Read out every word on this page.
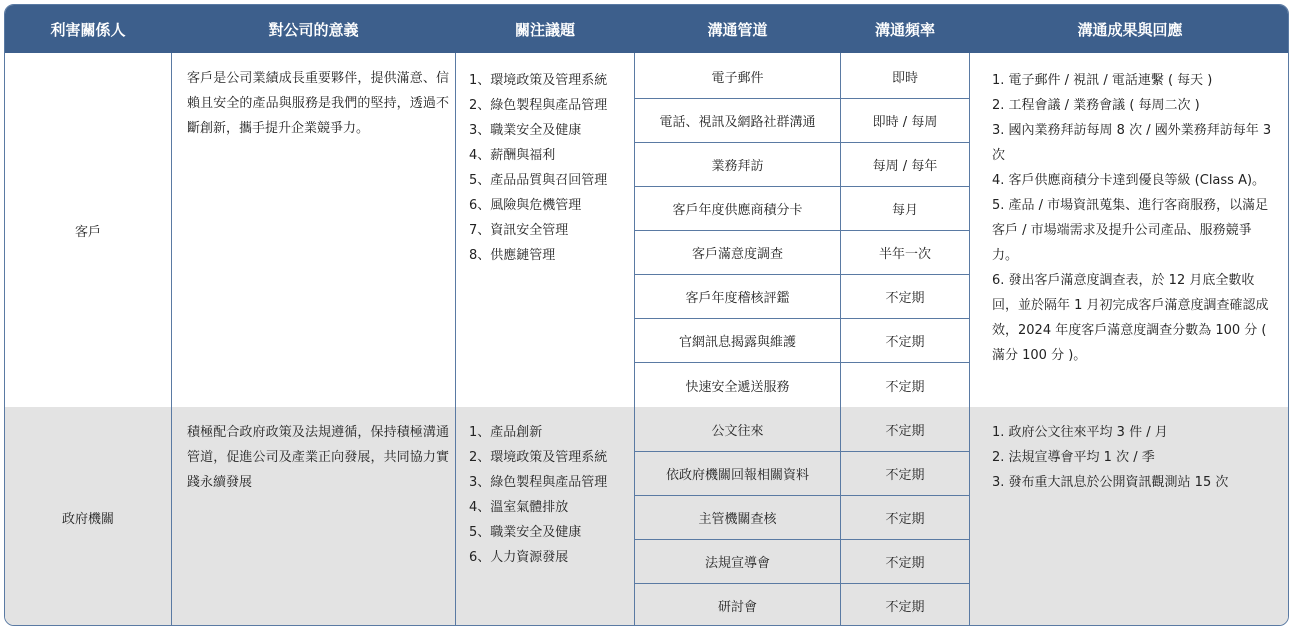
利害關係人	對公司的意義	關注議題	溝通管道	溝通頻率	溝通成果與回應
客戶
客戶是公司業績成長重要夥伴，提供滿意、信賴且安全的產品與服務是我們的堅持，透過不斷創新，攜手提升企業競爭力。
1、環境政策及管理系統
2、綠色製程與產品管理
3、職業安全及健康
4、薪酬與福利
5、產品品質與召回管理
6、風險與危機管理
7、資訊安全管理
8、供應鏈管理
電子郵件	即時
電話、視訊及網路社群溝通	即時 / 每周
業務拜訪	每周 / 每年
客戶年度供應商積分卡	每月
客戶滿意度調查	半年一次
客戶年度稽核評鑑	不定期
官網訊息揭露與維護	不定期
快速安全遞送服務	不定期
1. 電子郵件 / 視訊 / 電話連繫 ( 每天 )
2. 工程會議 / 業務會議 ( 每周二次 )
3. 國內業務拜訪每周 8 次 / 國外業務拜訪每年 3 次
4. 客戶供應商積分卡達到優良等級 (Class A)。
5. 產品 / 市場資訊蒐集、進行客商服務，以滿足客戶 / 市場端需求及提升公司產品、服務競爭力。
6. 發出客戶滿意度調查表，於 12 月底全數收回，並於隔年 1 月初完成客戶滿意度調查確認成效，2024 年度客戶滿意度調查分數為 100 分 ( 滿分 100 分 )。
政府機關
積極配合政府政策及法規遵循，保持積極溝通管道，促進公司及產業正向發展，共同協力實踐永續發展
1、產品創新
2、環境政策及管理系統
3、綠色製程與產品管理
4、溫室氣體排放
5、職業安全及健康
6、人力資源發展
公文往來	不定期
依政府機關回報相關資料	不定期
主管機關查核	不定期
法規宣導會	不定期
研討會	不定期
1. 政府公文往來平均 3 件 / 月
2. 法規宣導會平均 1 次 / 季
3. 發布重大訊息於公開資訊觀測站 15 次
